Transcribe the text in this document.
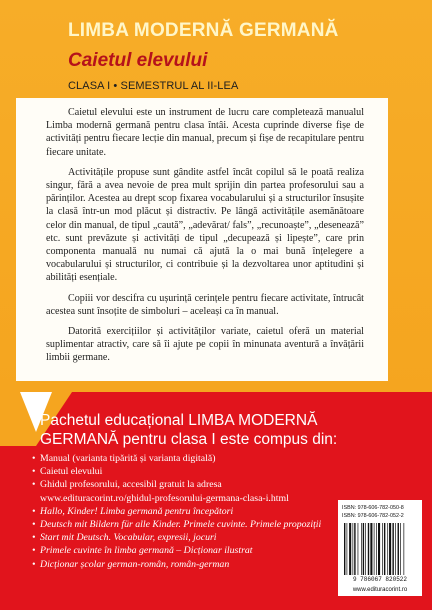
LIMBA MODERNĂ GERMANĂ
Caietul elevului
CLASA I • SEMESTRUL AL II-LEA

Caietul elevului este un instrument de lucru care completează manualul Limba modernă germană pentru clasa întâi. Acesta cuprinde diverse fișe de activități pentru fiecare lecție din manual, precum și fișe de recapitulare pentru fiecare unitate.

Activitățile propuse sunt gândite astfel încât copilul să le poată realiza singur, fără a avea nevoie de prea mult sprijin din partea profesorului sau a părinților. Acestea au drept scop fixarea vocabularului și a structurilor însușite la clasă într-un mod plăcut și distractiv. Pe lângă activitățile asemănătoare celor din manual, de tipul „caută”, „adevărat/ fals”, „recunoaște”, „desenează” etc. sunt prevăzute și activități de tipul „decupează și lipește”, care prin componenta manuală nu numai că ajută la o mai bună înțelegere a vocabularului și structurilor, ci contribuie și la dezvoltarea unor aptitudini și abilități esențiale.

Copiii vor descifra cu ușurință cerințele pentru fiecare activitate, întrucât acestea sunt însoțite de simboluri – aceleași ca în manual.

Datorită exercițiilor și activităților variate, caietul oferă un material suplimentar atractiv, care să îi ajute pe copii în minunata aventură a învățării limbii germane.

Pachetul educațional LIMBA MODERNĂ GERMANĂ pentru clasa I este compus din:
• Manual (varianta tipărită și varianta digitală)
• Caietul elevului
• Ghidul profesorului, accesibil gratuit la adresa
www.edituracorint.ro/ghidul-profesorului-germana-clasa-i.html
• Hallo, Kinder! Limba germană pentru începători
• Deutsch mit Bildern für alle Kinder. Primele cuvinte. Primele propoziții
• Start mit Deutsch. Vocabular, expresii, jocuri
• Primele cuvinte în limba germană – Dicționar ilustrat
• Dicționar școlar german-român, român-german
ISBN: 978-606-782-050-8
ISBN: 978-606-782-052-2
9 786067 820522
www.edituracorint.ro
